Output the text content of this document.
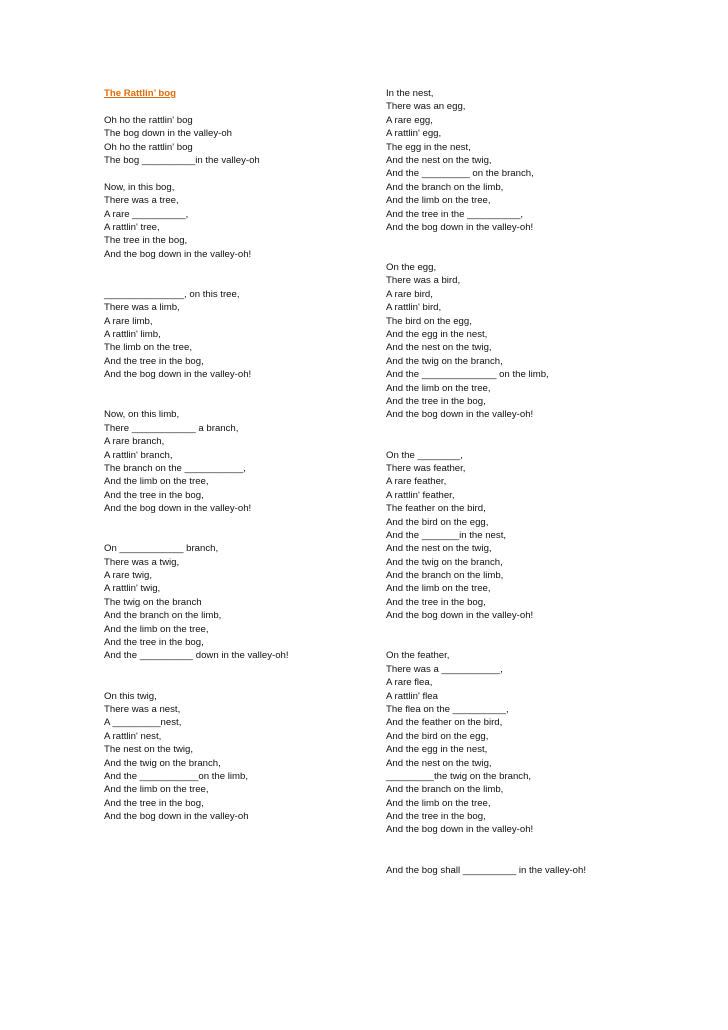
The Rattlin’ bog
Oh ho the rattlin' bog
The bog down in the valley-oh
Oh ho the rattlin' bog
The bog __________in the valley-oh
Now, in this bog,
There was a tree,
A rare __________,
A rattlin' tree,
The tree in the bog,
And the bog down in the valley-oh!
_______________, on this tree,
There was a limb,
A rare limb,
A rattlin' limb,
The limb on the tree,
And the tree in the bog,
And the bog down in the valley-oh!
Now, on this limb,
There ____________ a branch,
A rare branch,
A rattlin' branch,
The branch on the ___________,
And the limb on the tree,
And the tree in the bog,
And the bog down in the valley-oh!
On ____________ branch,
There was a twig,
A rare twig,
A rattlin' twig,
The twig on the branch
And the branch on the limb,
And the limb on the tree,
And the tree in the bog,
And the __________ down in the valley-oh!
On this twig,
There was a nest,
A _________nest,
A rattlin' nest,
The nest on the twig,
And the twig on the branch,
And the ___________on the limb,
And the limb on the tree,
And the tree in the bog,
And the bog down in the valley-oh
In the nest,
There was an egg,
A rare egg,
A rattlin' egg,
The egg in the nest,
And the nest on the twig,
And the _________ on the branch,
And the branch on the limb,
And the limb on the tree,
And the tree in the __________,
And the bog down in the valley-oh!
On the egg,
There was a bird,
A rare bird,
A rattlin' bird,
The bird on the egg,
And the egg in the nest,
And the nest on the twig,
And the twig on the branch,
And the ______________ on the limb,
And the limb on the tree,
And the tree in the bog,
And the bog down in the valley-oh!
On the ________,
There was feather,
A rare feather,
A rattlin' feather,
The feather on the bird,
And the bird on the egg,
And the _______in the nest,
And the nest on the twig,
And the twig on the branch,
And the branch on the limb,
And the limb on the tree,
And the tree in the bog,
And the bog down in the valley-oh!
On the feather,
There was a ___________,
A rare flea,
A rattlin' flea
The flea on the __________,
And the feather on the bird,
And the bird on the egg,
And the egg in the nest,
And the nest on the twig,
_________the twig on the branch,
And the branch on the limb,
And the limb on the tree,
And the tree in the bog,
And the bog down in the valley-oh!
And the bog shall __________ in the valley-oh!
